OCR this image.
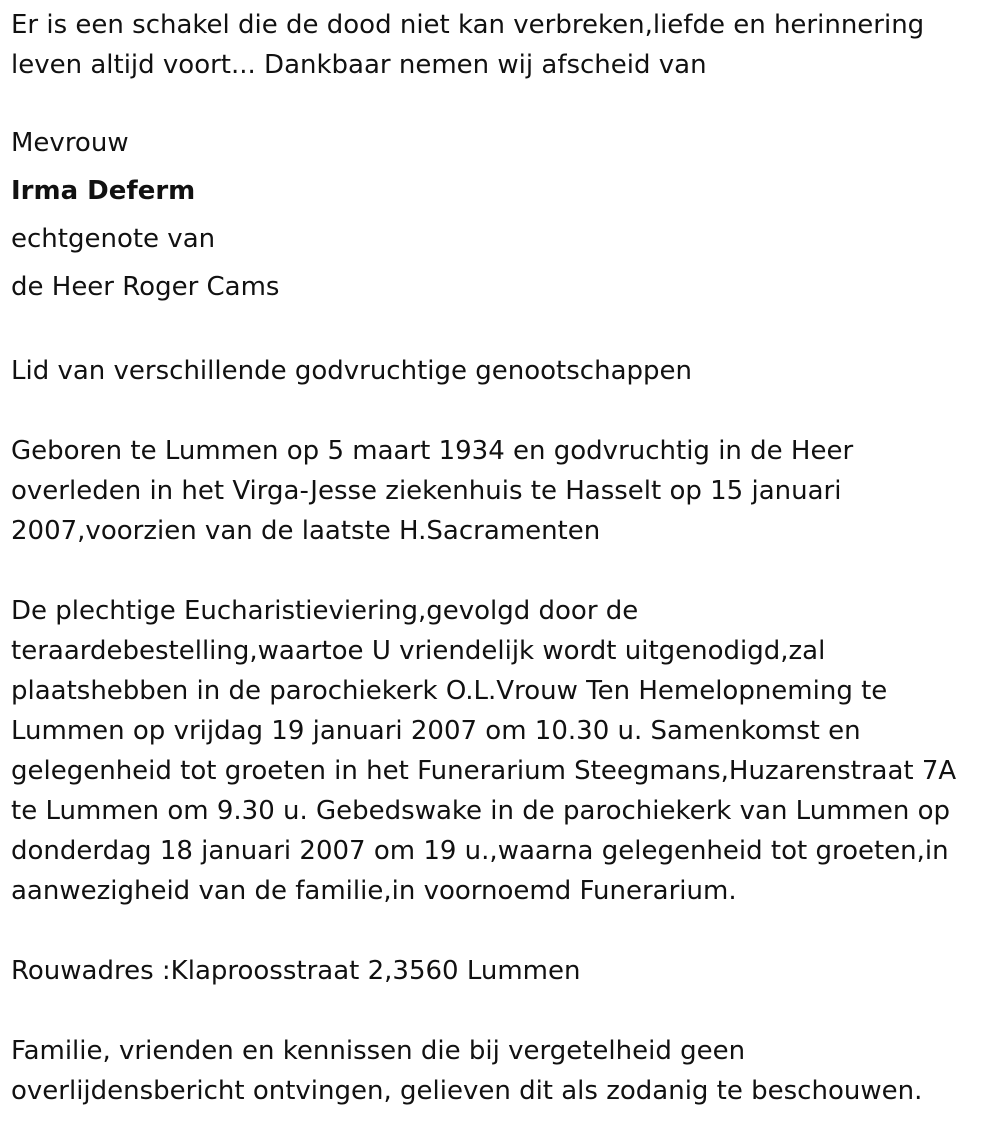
Er is een schakel die de dood niet kan verbreken,liefde en herinnering
leven altijd voort... Dankbaar nemen wij afscheid van

Mevrouw

Irma Deferm

echtgenote van

de Heer Roger Cams

Lid van verschillende godvruchtige genootschappen

Geboren te Lummen op 5 maart 1934 en godvruchtig in de Heer
overleden in het Virga-Jesse ziekenhuis te Hasselt op 15 januari
2007,voorzien van de laatste H.Sacramenten

De plechtige Eucharistieviering,gevolgd door de
teraardebestelling,waartoe U vriendelijk wordt uitgenodigd,zal
plaatshebben in de parochiekerk O.L.Vrouw Ten Hemelopneming te
Lummen op vrijdag 19 januari 2007 om 10.30 u. Samenkomst en
gelegenheid tot groeten in het Funerarium Steegmans,Huzarenstraat 7A
te Lummen om 9.30 u. Gebedswake in de parochiekerk van Lummen op
donderdag 18 januari 2007 om 19 u.,waarna gelegenheid tot groeten,in
aanwezigheid van de familie,in voornoemd Funerarium.

Rouwadres :Klaproosstraat 2,3560 Lummen

Familie, vrienden en kennissen die bij vergetelheid geen
overlijdensbericht ontvingen, gelieven dit als zodanig te beschouwen.
